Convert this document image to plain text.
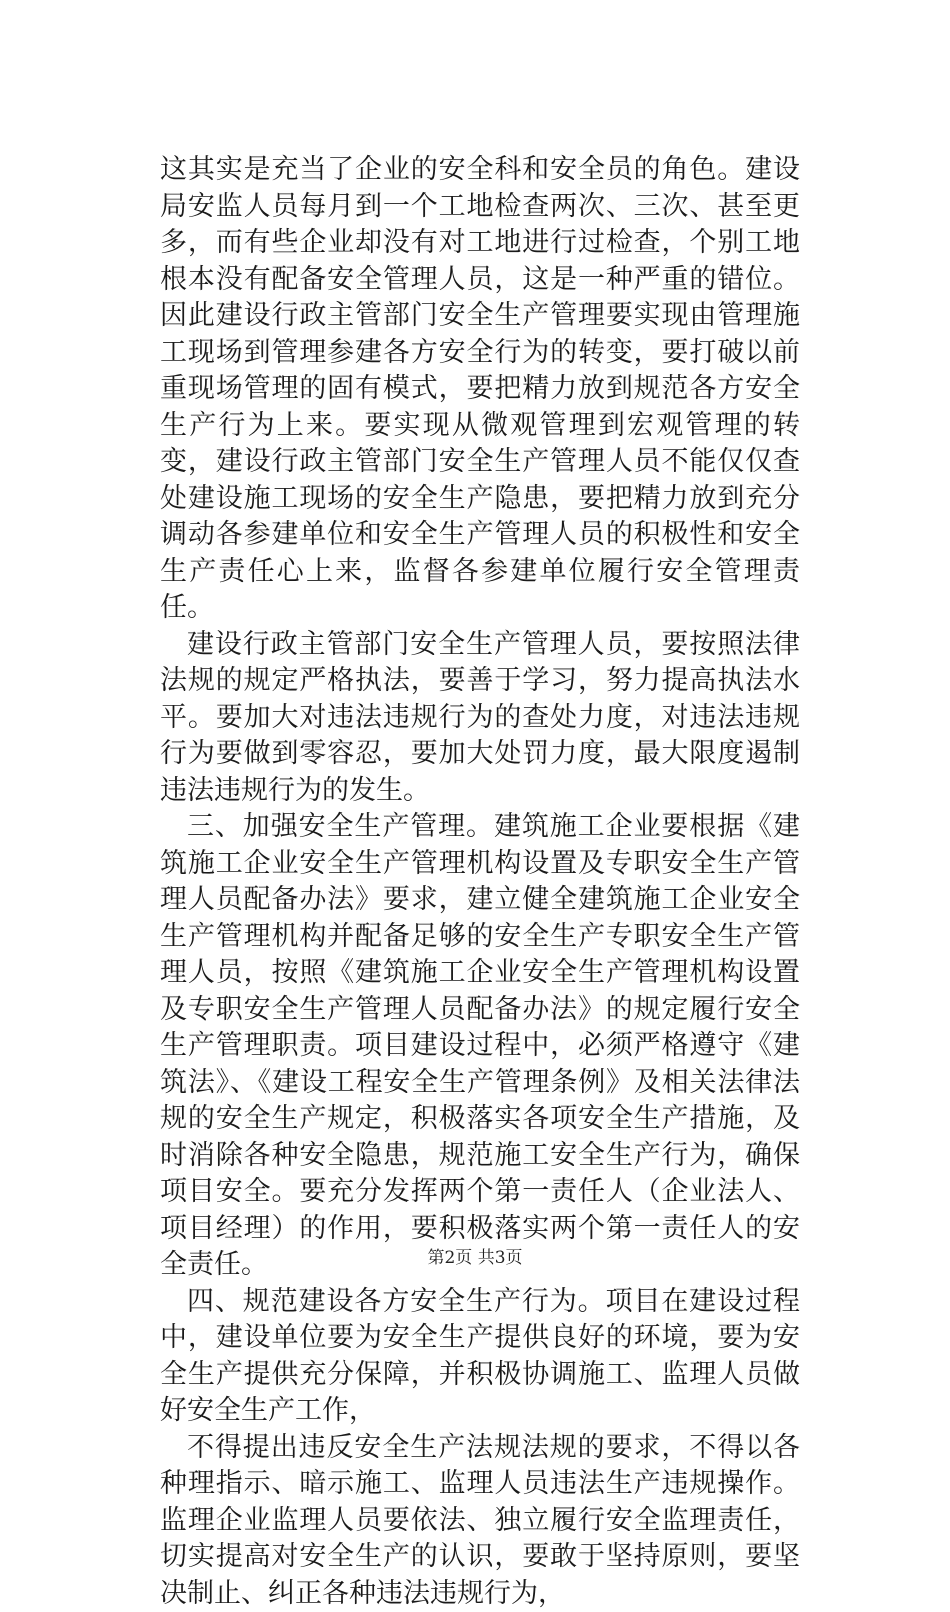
这其实是充当了企业的安全科和安全员的角色。建设局安监人员每月到一个工地检查两次、三次、甚至更多，而有些企业却没有对工地进行过检查，个别工地根本没有配备安全管理人员，这是一种严重的错位。因此建设行政主管部门安全生产管理要实现由管理施工现场到管理参建各方安全行为的转变，要打破以前重现场管理的固有模式，要把精力放到规范各方安全生产行为上来。要实现从微观管理到宏观管理的转变，建设行政主管部门安全生产管理人员不能仅仅查处建设施工现场的安全生产隐患，要把精力放到充分调动各参建单位和安全生产管理人员的积极性和安全生产责任心上来，监督各参建单位履行安全管理责任。

建设行政主管部门安全生产管理人员，要按照法律法规的规定严格执法，要善于学习，努力提高执法水平。要加大对违法违规行为的查处力度，对违法违规行为要做到零容忍，要加大处罚力度，最大限度遏制违法违规行为的发生。

三、加强安全生产管理。建筑施工企业要根据《建筑施工企业安全生产管理机构设置及专职安全生产管理人员配备办法》要求，建立健全建筑施工企业安全生产管理机构并配备足够的安全生产专职安全生产管理人员，按照《建筑施工企业安全生产管理机构设置及专职安全生产管理人员配备办法》的规定履行安全生产管理职责。项目建设过程中，必须严格遵守《建筑法》、《建设工程安全生产管理条例》及相关法律法规的安全生产规定，积极落实各项安全生产措施，及时消除各种安全隐患，规范施工安全生产行为，确保项目安全。要充分发挥两个第一责任人（企业法人、项目经理）的作用，要积极落实两个第一责任人的安全责任。

四、规范建设各方安全生产行为。项目在建设过程中，建设单位要为安全生产提供良好的环境，要为安全生产提供充分保障，并积极协调施工、监理人员做好安全生产工作，

不得提出违反安全生产法规法规的要求，不得以各种理指示、暗示施工、监理人员违法生产违规操作。监理企业监理人员要依法、独立履行安全监理责任，切实提高对安全生产的认识，要敢于坚持原则，要坚决制止、纠正各种违法违规行为，

第2页 共3页
